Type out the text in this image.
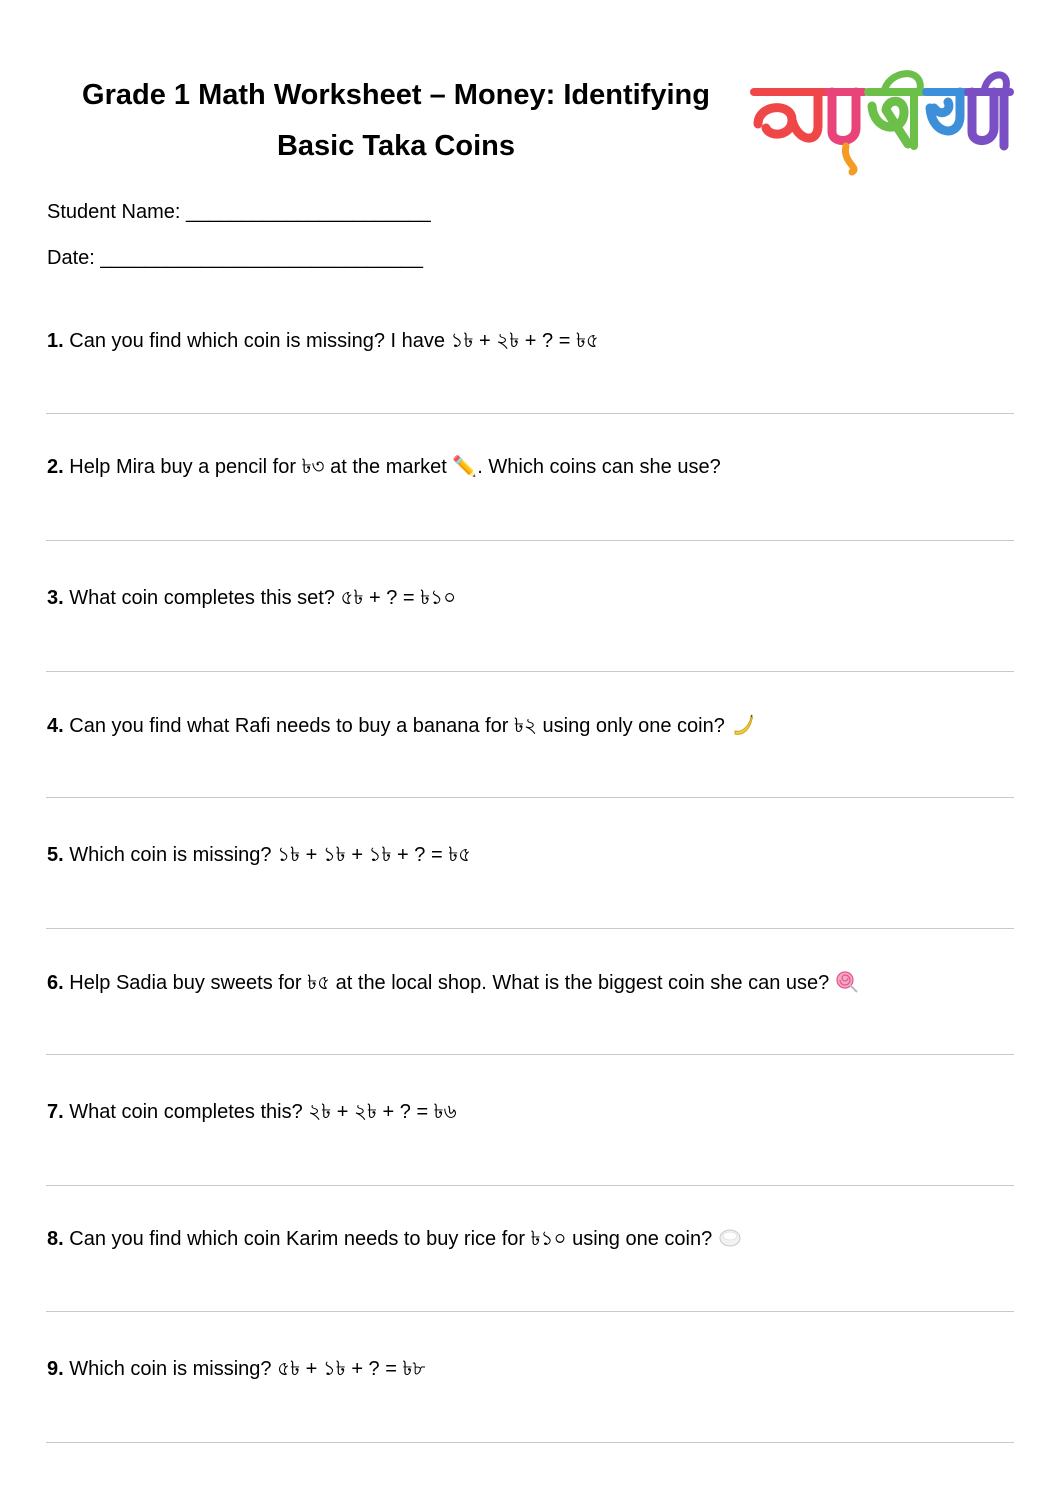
Grade 1 Math Worksheet – Money: Identifying
Basic Taka Coins
Student Name: ______________________
Date: _____________________________
1. Can you find which coin is missing? I have ১৳ + ২৳ + ? = ৳৫
2. Help Mira buy a pencil for ৳৩ at the market ✏️. Which coins can she use?
3. What coin completes this set? ৫৳ + ? = ৳১০
4. Can you find what Rafi needs to buy a banana for ৳২ using only one coin?
5. Which coin is missing? ১৳ + ১৳ + ১৳ + ? = ৳৫
6. Help Sadia buy sweets for ৳৫ at the local shop. What is the biggest coin she can use?
7. What coin completes this? ২৳ + ২৳ + ? = ৳৬
8. Can you find which coin Karim needs to buy rice for ৳১০ using one coin?
9. Which coin is missing? ৫৳ + ১৳ + ? = ৳৮
